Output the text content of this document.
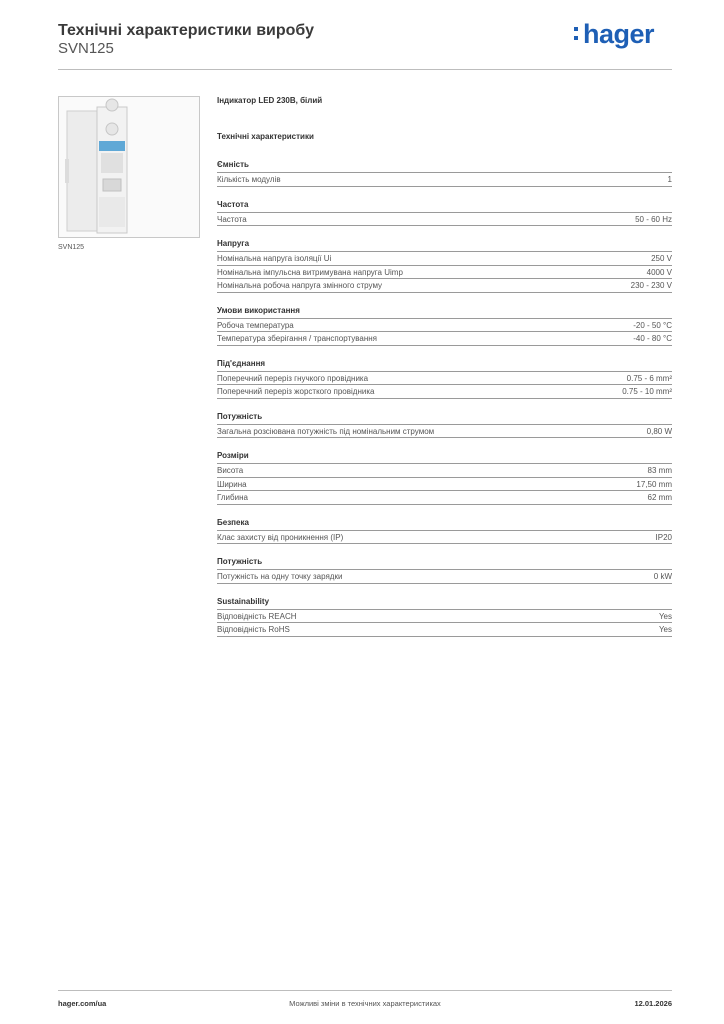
Технічні характеристики виробу
SVN125	hager
SVN125
Індикатор LED 230В, білий
Технічні характеристики
Ємність
Кількість модулів	1
Частота
Частота	50 - 60 Hz
Напруга
Номінальна напруга ізоляції Ui	250 V
Номінальна імпульсна витримувана напруга Uimp	4000 V
Номінальна робоча напруга змінного струму	230 - 230 V
Умови використання
Робоча температура	-20 - 50 °C
Температура зберігання / транспортування	-40 - 80 °C
Під'єднання
Поперечний переріз гнучкого провідника	0.75 - 6 mm²
Поперечний переріз жорсткого провідника	0.75 - 10 mm²
Потужність
Загальна розсіювана потужність під номінальним струмом	0,80 W
Розміри
Висота	83 mm
Ширина	17,50 mm
Глибина	62 mm
Безпека
Клас захисту від проникнення (IP)	IP20
Потужність
Потужність на одну точку зарядки	0 kW
Sustainability
Відповідність REACH	Yes
Відповідність RoHS	Yes
hager.com/ua	Можливі зміни в технічних характеристиках	12.01.2026
